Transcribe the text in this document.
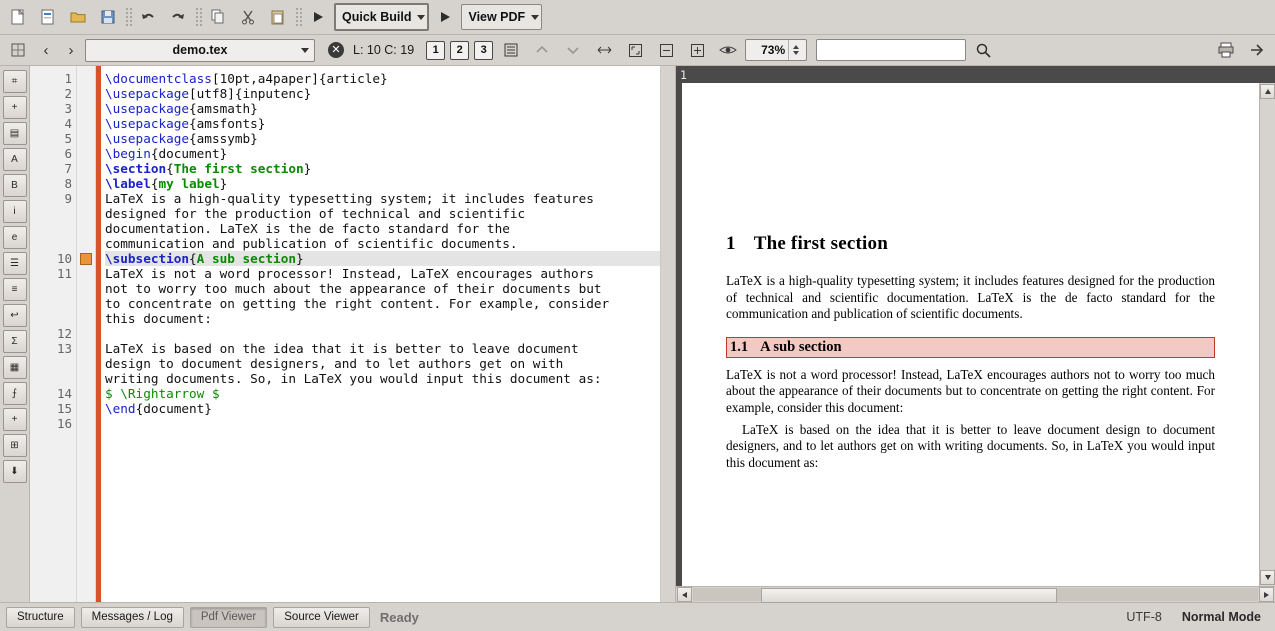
Quick Build	View PDF
‹	›	demo.tex	✕ L: 10 C: 19	1	2	3	73%
⌗
+
▤
A
B
i
e
☰
≡
↩
Σ
▦
⨍
+
⊞
⬇
1
2
3
4
5
6
7
8
9
10
11
12
13
14
15
16
\documentclass[10pt,a4paper]{article}
\usepackage[utf8]{inputenc}
\usepackage{amsmath}
\usepackage{amsfonts}
\usepackage{amssymb}
\begin{document}
\section{The first section}
\label{my label}
LaTeX is a high-quality typesetting system; it includes features
designed for the production of technical and scientific
documentation. LaTeX is the de facto standard for the
communication and publication of scientific documents.
\subsection{A sub section}
LaTeX is not a word processor! Instead, LaTeX encourages authors
not to worry too much about the appearance of their documents but
to concentrate on getting the right content. For example, consider
this document:

LaTeX is based on the idea that it is better to leave document
design to document designers, and to let authors get on with
writing documents. So, in LaTeX you would input this document as:
$ \Rightarrow $
\end{document}

1
1 The first section

LaTeX is a high-quality typesetting system; it includes features designed for the production of technical and scientific documentation. LaTeX is the de facto standard for the communication and publication of scientific documents.

1.1 A sub section

LaTeX is not a word processor! Instead, LaTeX encourages authors not to worry too much about the appearance of their documents but to concentrate on getting the right content. For example, consider this document:

LaTeX is based on the idea that it is better to leave document design to document designers, and to let authors get on with writing documents. So, in LaTeX you would input this document as:

Structure	Messages / Log	Pdf Viewer	Source Viewer	Ready	UTF-8 Normal Mode
